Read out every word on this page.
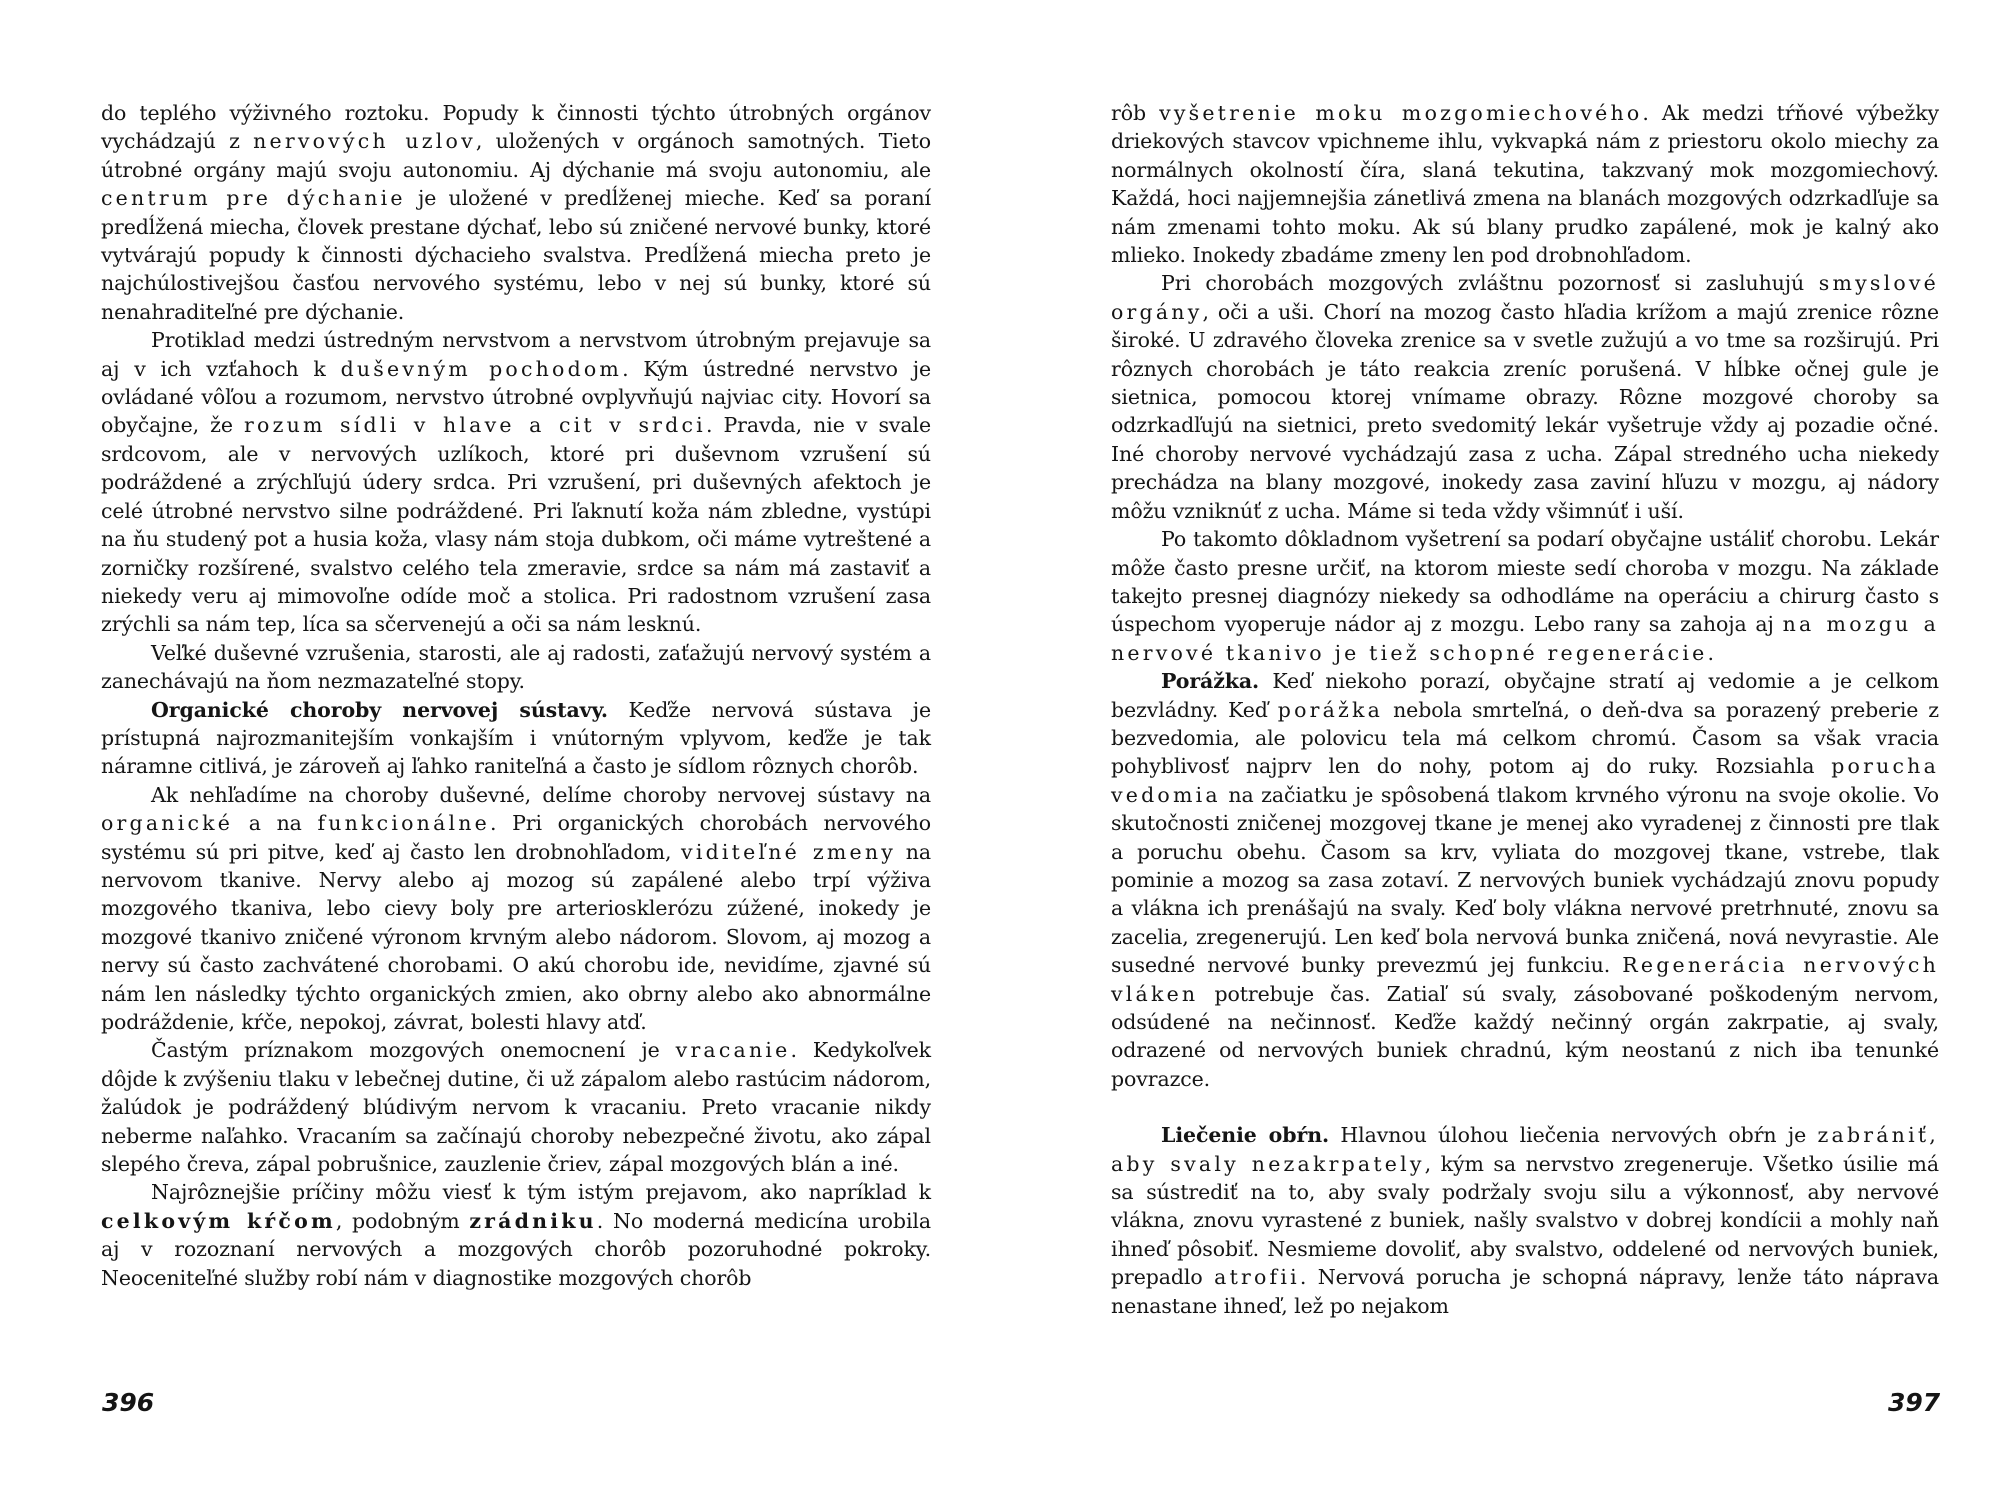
do teplého výživného roztoku. Popudy k činnosti týchto útrobných orgánov vychádzajú z nervových uzlov, uložených v orgánoch samotných. Tieto útrobné orgány majú svoju autonomiu. Aj dýchanie má svoju autonomiu, ale centrum pre dýchanie je uložené v predĺženej mieche. Keď sa poraní predĺžená miecha, človek prestane dýchať, lebo sú zničené nervové bunky, ktoré vytvárajú popudy k činnosti dýchacieho svalstva. Predĺžená miecha preto je najchúlostivejšou časťou nervového systému, lebo v nej sú bunky, ktoré sú nenahraditeľné pre dýchanie.

Protiklad medzi ústredným nervstvom a nervstvom útrobným prejavuje sa aj v ich vzťahoch k duševným pochodom. Kým ústredné nervstvo je ovládané vôľou a rozumom, nervstvo útrobné ovplyvňujú najviac city. Hovorí sa obyčajne, že rozum sídli v hlave a cit v srdci. Pravda, nie v svale srdcovom, ale v nervových uzlíkoch, ktoré pri duševnom vzrušení sú podráždené a zrýchľujú údery srdca. Pri vzrušení, pri duševných afektoch je celé útrobné nervstvo silne podráždené. Pri ľaknutí koža nám zbledne, vystúpi na ňu studený pot a husia koža, vlasy nám stoja dubkom, oči máme vytreštené a zorničky rozšírené, svalstvo celého tela zmeravie, srdce sa nám má zastaviť a niekedy veru aj mimovoľne odíde moč a stolica. Pri radostnom vzrušení zasa zrýchli sa nám tep, líca sa sčervenejú a oči sa nám lesknú.

Veľké duševné vzrušenia, starosti, ale aj radosti, zaťažujú nervový systém a zanechávajú na ňom nezmazateľné stopy.

Organické choroby nervovej sústavy. Keďže nervová sústava je prístupná najrozmanitejším vonkajším i vnútorným vplyvom, keďže je tak náramne citlivá, je zároveň aj ľahko raniteľná a často je sídlom rôznych chorôb.

Ak nehľadíme na choroby duševné, delíme choroby nervovej sústavy na organické a na funkcionálne. Pri organických chorobách nervového systému sú pri pitve, keď aj často len drobnohľadom, viditeľné zmeny na nervovom tkanive. Nervy alebo aj mozog sú zapálené alebo trpí výživa mozgového tkaniva, lebo cievy boly pre arteriosklerózu zúžené, inokedy je mozgové tkanivo zničené výronom krvným alebo nádorom. Slovom, aj mozog a nervy sú často zachvátené chorobami. O akú chorobu ide, nevidíme, zjavné sú nám len následky týchto organických zmien, ako obrny alebo ako abnormálne podráždenie, kŕče, nepokoj, závrat, bolesti hlavy atď.

Častým príznakom mozgových onemocnení je vracanie. Kedykoľvek dôjde k zvýšeniu tlaku v lebečnej dutine, či už zápalom alebo rastúcim nádorom, žalúdok je podráždený blúdivým nervom k vracaniu. Preto vracanie nikdy neberme naľahko. Vracaním sa začínajú choroby nebezpečné životu, ako zápal slepého čreva, zápal pobrušnice, zauzlenie čriev, zápal mozgových blán a iné.

Najrôznejšie príčiny môžu viesť k tým istým prejavom, ako napríklad k celkovým kŕčom, podobným zrádniku. No moderná medicína urobila aj v rozoznaní nervových a mozgových chorôb pozoruhodné pokroky. Neoceniteľné služby robí nám v diagnostike mozgových chorôb

396

rôb vyšetrenie moku mozgomiechového. Ak medzi tŕňové výbežky driekových stavcov vpichneme ihlu, vykvapká nám z priestoru okolo miechy za normálnych okolností číra, slaná tekutina, takzvaný mok mozgomiechový. Každá, hoci najjemnejšia zánetlivá zmena na blanách mozgových odzrkadľuje sa nám zmenami tohto moku. Ak sú blany prudko zapálené, mok je kalný ako mlieko. Inokedy zbadáme zmeny len pod drobnohľadom.

Pri chorobách mozgových zvláštnu pozornosť si zasluhujú smyslové orgány, oči a uši. Chorí na mozog často hľadia krížom a majú zrenice rôzne široké. U zdravého človeka zrenice sa v svetle zužujú a vo tme sa rozširujú. Pri rôznych chorobách je táto reakcia zreníc porušená. V hĺbke očnej gule je sietnica, pomocou ktorej vnímame obrazy. Rôzne mozgové choroby sa odzrkadľujú na sietnici, preto svedomitý lekár vyšetruje vždy aj pozadie očné. Iné choroby nervové vychádzajú zasa z ucha. Zápal stredného ucha niekedy prechádza na blany mozgové, inokedy zasa zaviní hľuzu v mozgu, aj nádory môžu vzniknúť z ucha. Máme si teda vždy všimnúť i uší.

Po takomto dôkladnom vyšetrení sa podarí obyčajne ustáliť chorobu. Lekár môže často presne určiť, na ktorom mieste sedí choroba v mozgu. Na základe takejto presnej diagnózy niekedy sa odhodláme na operáciu a chirurg často s úspechom vyoperuje nádor aj z mozgu. Lebo rany sa zahoja aj na mozgu a nervové tkanivo je tiež schopné regenerácie.

Porážka. Keď niekoho porazí, obyčajne stratí aj vedomie a je celkom bezvládny. Keď porážka nebola smrteľná, o deň-dva sa porazený preberie z bezvedomia, ale polovicu tela má celkom chromú. Časom sa však vracia pohyblivosť najprv len do nohy, potom aj do ruky. Rozsiahla porucha vedomia na začiatku je spôsobená tlakom krvného výronu na svoje okolie. Vo skutočnosti zničenej mozgovej tkane je menej ako vyradenej z činnosti pre tlak a poruchu obehu. Časom sa krv, vyliata do mozgovej tkane, vstrebe, tlak pominie a mozog sa zasa zotaví. Z nervových buniek vychádzajú znovu popudy a vlákna ich prenášajú na svaly. Keď boly vlákna nervové pretrhnuté, znovu sa zacelia, zregenerujú. Len keď bola nervová bunka zničená, nová nevyrastie. Ale susedné nervové bunky prevezmú jej funkciu. Regenerácia nervových vláken potrebuje čas. Zatiaľ sú svaly, zásobované poškodeným nervom, odsúdené na nečinnosť. Keďže každý nečinný orgán zakrpatie, aj svaly, odrazené od nervových buniek chradnú, kým neostanú z nich iba tenunké povrazce.

Liečenie obŕn. Hlavnou úlohou liečenia nervových obŕn je zabrániť, aby svaly nezakrpately, kým sa nervstvo zregeneruje. Všetko úsilie má sa sústrediť na to, aby svaly podržaly svoju silu a výkonnosť, aby nervové vlákna, znovu vyrastené z buniek, našly svalstvo v dobrej kondícii a mohly naň ihneď pôsobiť. Nesmieme dovoliť, aby svalstvo, oddelené od nervových buniek, prepadlo atrofii. Nervová porucha je schopná nápravy, lenže táto náprava nenastane ihneď, lež po nejakom

397
